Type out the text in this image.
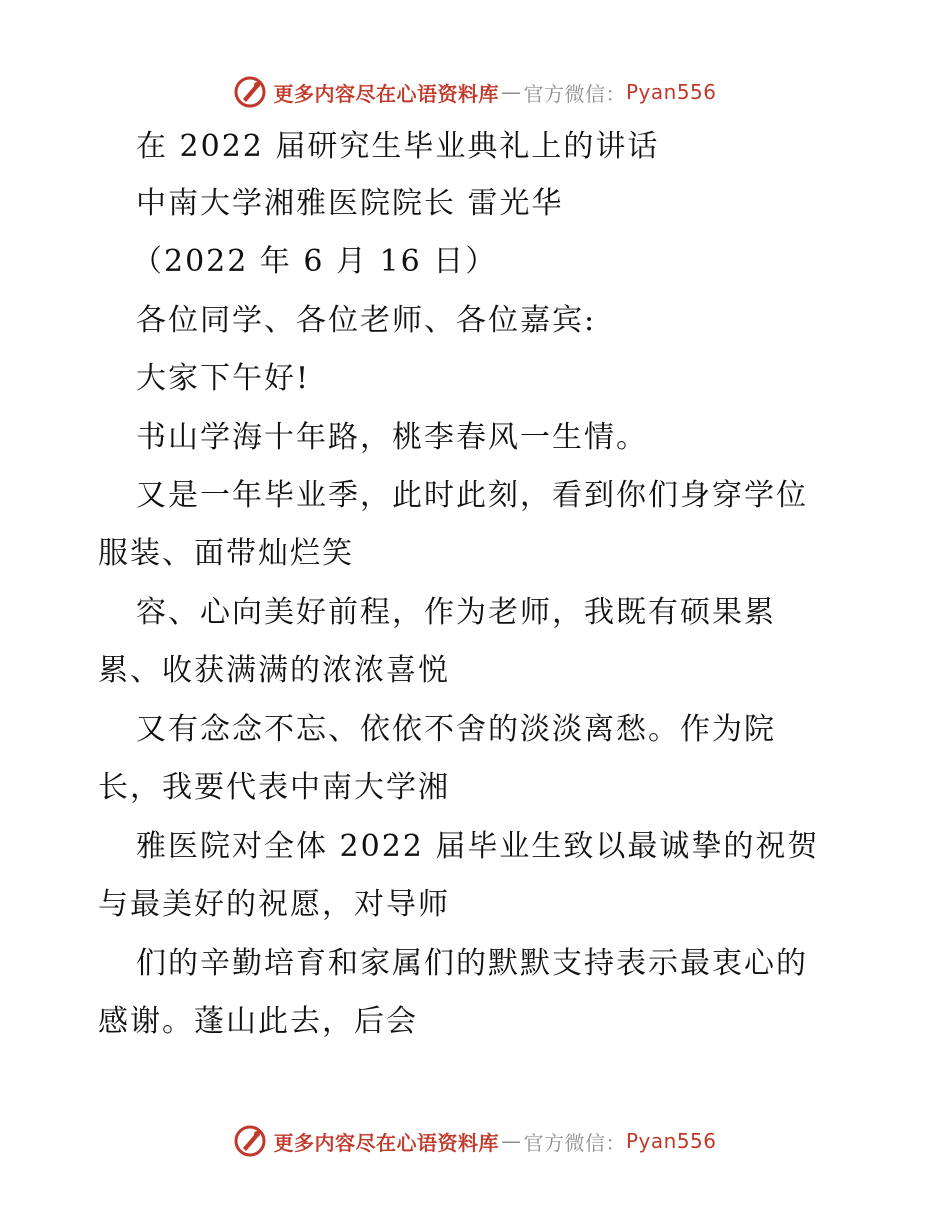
更多内容尽在心语资料库 — 官方微信： Pyan556
在 2022 届研究生毕业典礼上的讲话
中南大学湘雅医院院长 雷光华
（2022 年 6 月 16 日）
各位同学、各位老师、各位嘉宾:
大家下午好!
书山学海十年路，桃李春风一生情。
又是一年毕业季，此时此刻，看到你们身穿学位
服装、面带灿烂笑
容、心向美好前程，作为老师，我既有硕果累
累、收获满满的浓浓喜悦
又有念念不忘、依依不舍的淡淡离愁。作为院
长，我要代表中南大学湘
雅医院对全体 2022 届毕业生致以最诚挚的祝贺
与最美好的祝愿，对导师
们的辛勤培育和家属们的默默支持表示最衷心的
感谢。蓬山此去，后会
更多内容尽在心语资料库 — 官方微信： Pyan556
